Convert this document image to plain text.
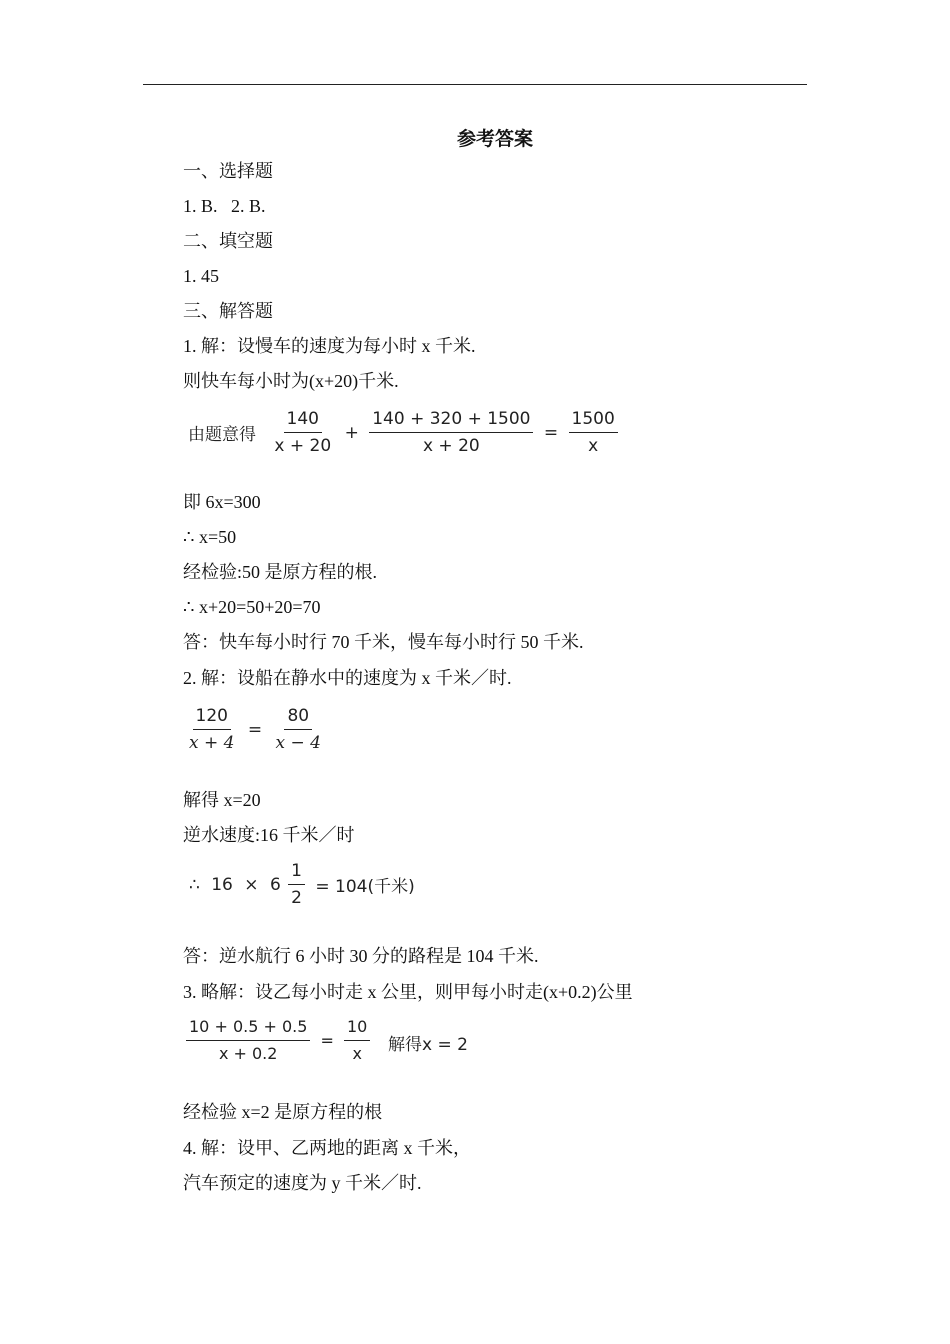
参考答案
一、选择题
1. B.   2. B.
二、填空题
1. 45
三、解答题
1. 解：设慢车的速度为每小时 x 千米.
则快车每小时为(x+20)千米.
由题意得 $\frac{140}{x + 20} + \frac{140 + 320 + 1500}{x + 20} = \frac{1500}{x}$
即 6x=300
∴ x=50
经检验:50 是原方程的根.
∴ x+20=50+20=70
答：快车每小时行 70 千米，慢车每小时行 50 千米.
2. 解：设船在静水中的速度为 x 千米／时.
$\frac{120}{x + 4} = \frac{80}{x - 4}$
解得 x=20
逆水速度:16 千米／时
∴ $16 \times 6 \frac{1}{2} = 104$(千米)
答：逆水航行 6 小时 30 分的路程是 104 千米.
3. 略解：设乙每小时走 x 公里，则甲每小时走(x+0.2)公里
$\frac{10 + 0.5 + 0.5}{x + 0.2} = \frac{10}{x}$ 解得x = 2
经检验 x=2 是原方程的根
4. 解：设甲、乙两地的距离 x 千米，
汽车预定的速度为 y 千米／时.
